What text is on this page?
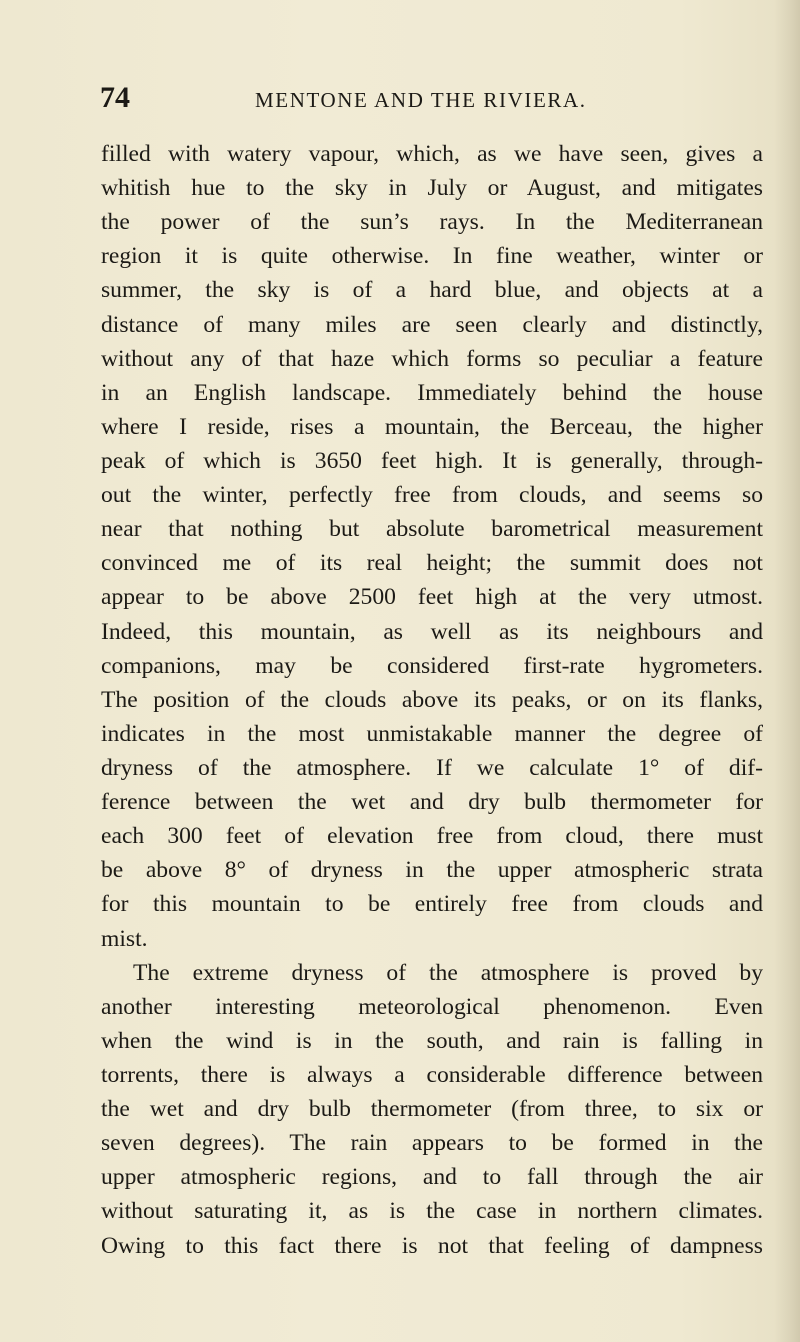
74	MENTONE AND THE RIVIERA.
filled with watery vapour, which, as we have seen, gives a
whitish hue to the sky in July or August, and mitigates
the power of the sun’s rays. In the Mediterranean
region it is quite otherwise. In fine weather, winter or
summer, the sky is of a hard blue, and objects at a
distance of many miles are seen clearly and distinctly,
without any of that haze which forms so peculiar a feature
in an English landscape. Immediately behind the house
where I reside, rises a mountain, the Berceau, the higher
peak of which is 3650 feet high. It is generally, through-
out the winter, perfectly free from clouds, and seems so
near that nothing but absolute barometrical measurement
convinced me of its real height; the summit does not
appear to be above 2500 feet high at the very utmost.
Indeed, this mountain, as well as its neighbours and
companions, may be considered first-rate hygrometers.
The position of the clouds above its peaks, or on its flanks,
indicates in the most unmistakable manner the degree of
dryness of the atmosphere. If we calculate 1° of dif-
ference between the wet and dry bulb thermometer for
each 300 feet of elevation free from cloud, there must
be above 8° of dryness in the upper atmospheric strata
for this mountain to be entirely free from clouds and
mist.
The extreme dryness of the atmosphere is proved by
another interesting meteorological phenomenon. Even
when the wind is in the south, and rain is falling in
torrents, there is always a considerable difference between
the wet and dry bulb thermometer (from three, to six or
seven degrees). The rain appears to be formed in the
upper atmospheric regions, and to fall through the air
without saturating it, as is the case in northern climates.
Owing to this fact there is not that feeling of dampness
